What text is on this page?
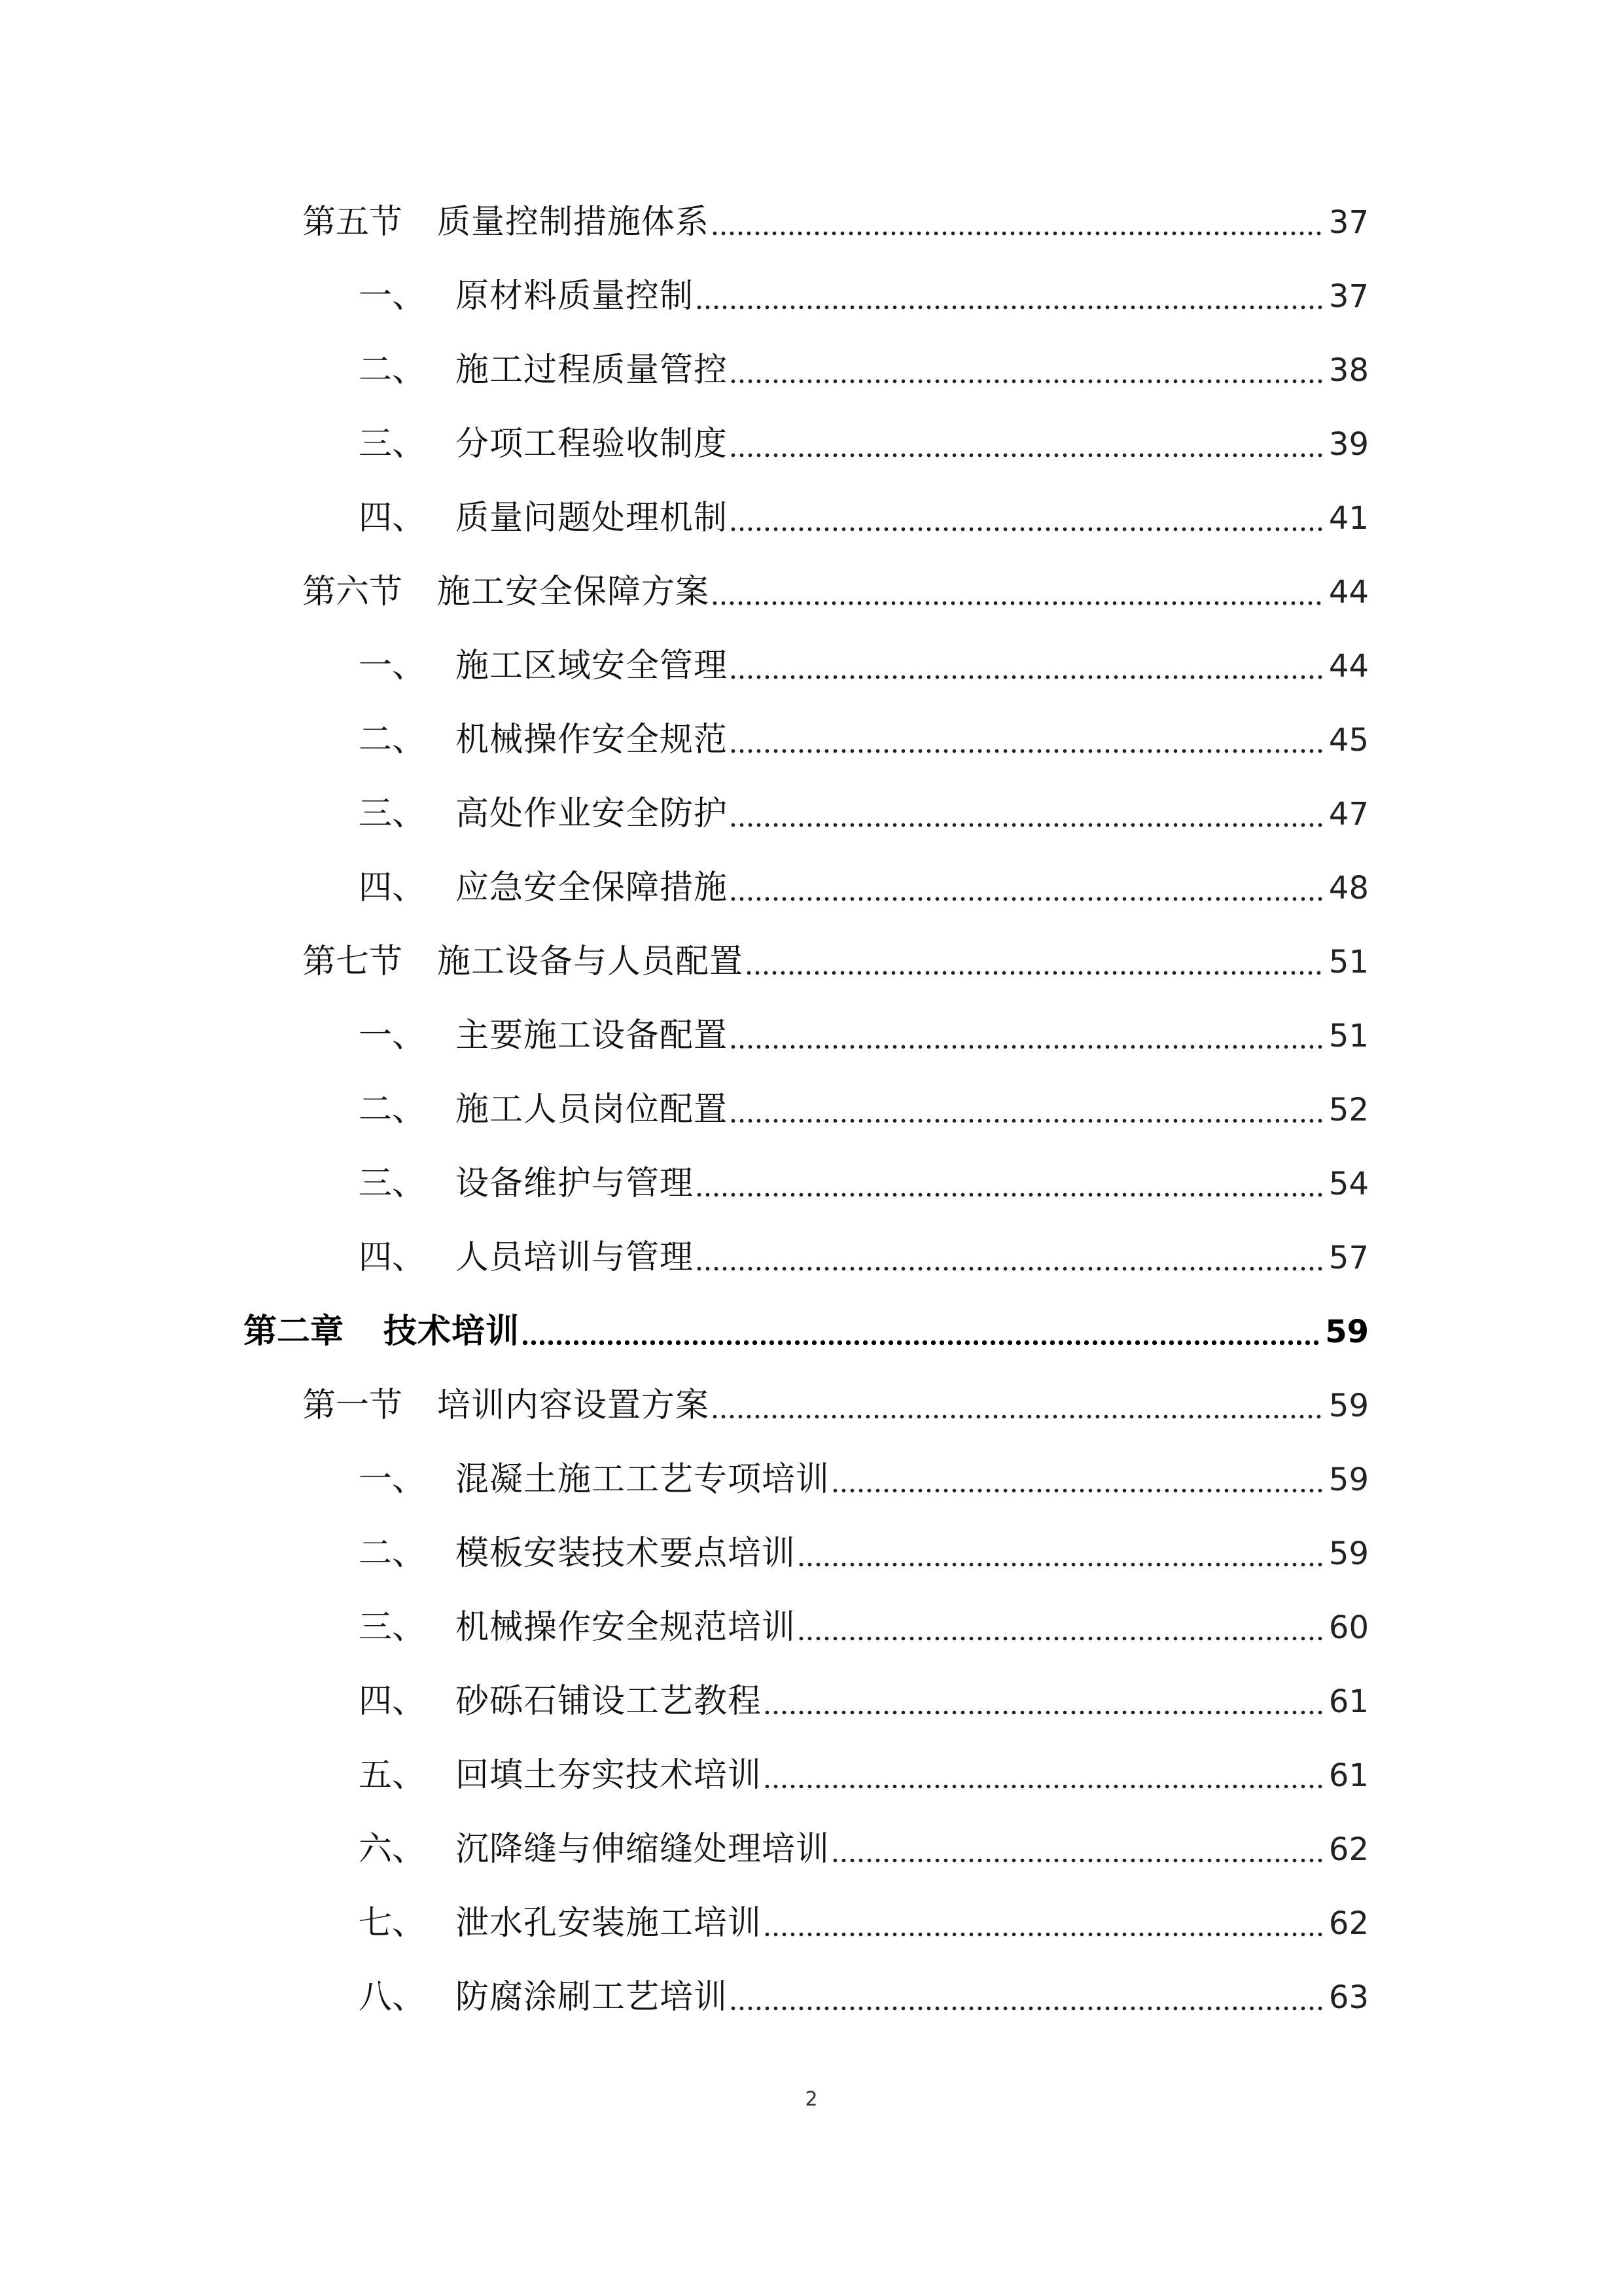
第五节	质量控制措施体系	37
一、 原材料质量控制	37
二、 施工过程质量管控	38
三、 分项工程验收制度	39
四、 质量问题处理机制	41
第六节	施工安全保障方案	44
一、 施工区域安全管理	44
二、 机械操作安全规范	45
三、 高处作业安全防护	47
四、 应急安全保障措施	48
第七节	施工设备与人员配置	51
一、 主要施工设备配置	51
二、 施工人员岗位配置	52
三、 设备维护与管理	54
四、 人员培训与管理	57
第二章	技术培训	59
第一节	培训内容设置方案	59
一、 混凝土施工工艺专项培训	59
二、 模板安装技术要点培训	59
三、 机械操作安全规范培训	60
四、 砂砾石铺设工艺教程	61
五、 回填土夯实技术培训	61
六、 沉降缝与伸缩缝处理培训	62
七、 泄水孔安装施工培训	62
八、 防腐涂刷工艺培训	63
2
